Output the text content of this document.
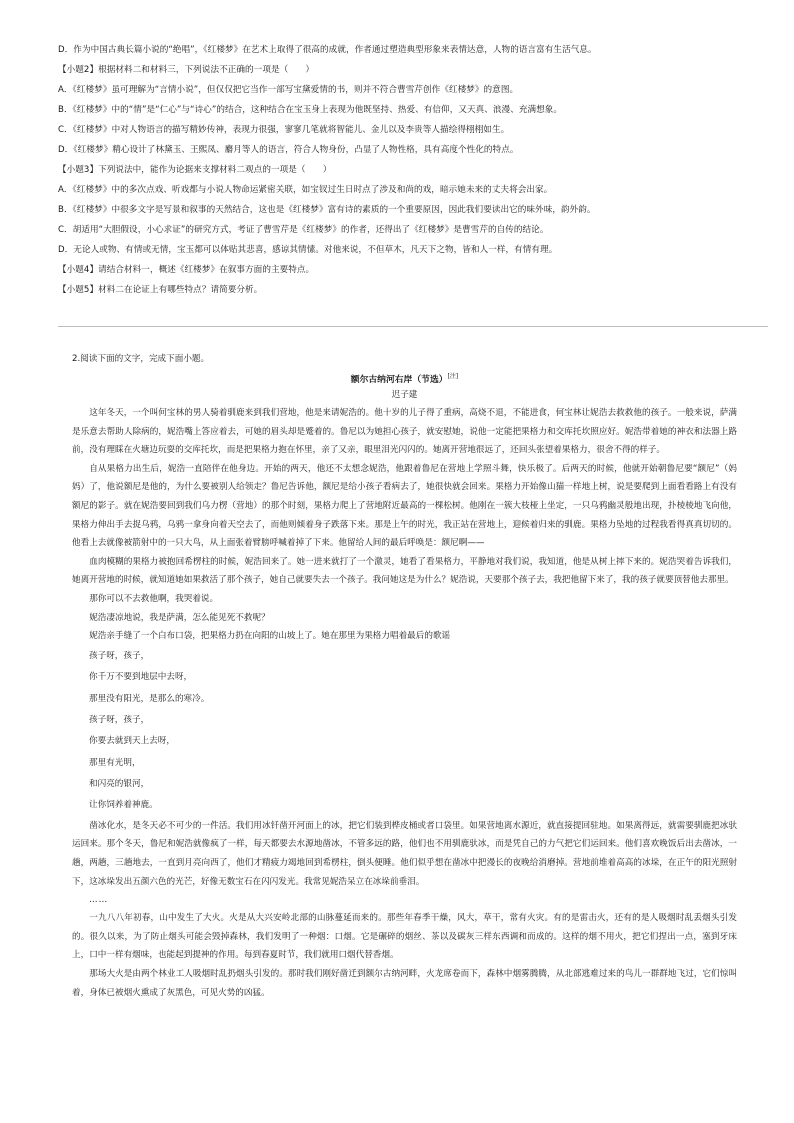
D．作为中国古典长篇小说的“绝唱”，《红楼梦》在艺术上取得了很高的成就，作者通过塑造典型形象来表情达意，人物的语言富有生活气息。
【小题2】根据材料二和材料三，下列说法不正确的一项是（　　）
A．《红楼梦》虽可理解为“言情小说”，但仅仅把它当作一部写宝黛爱情的书，则并不符合曹雪芹创作《红楼梦》的意图。
B．《红楼梦》中的“情”是“仁心”与“诗心”的结合，这种结合在宝玉身上表现为他既坚持、热爱、有信仰，又天真、浪漫、充满想象。
C．《红楼梦》中对人物语言的描写精妙传神，表现力很强，寥寥几笔就将智能儿、金儿以及李贵等人描绘得栩栩如生。
D．《红楼梦》精心设计了林黛玉、王熙凤、麝月等人的语言，符合人物身份，凸显了人物性格，具有高度个性化的特点。
【小题3】下列说法中，能作为论据来支撑材料二观点的一项是（　　）
A．《红楼梦》中的多次点戏、听戏都与小说人物命运紧密关联，如宝钗过生日时点了涉及和尚的戏，暗示她未来的丈夫将会出家。
B．《红楼梦》中很多文字是写景和叙事的天然结合，这也是《红楼梦》富有诗的素质的一个重要原因，因此我们要读出它的味外味，韵外韵。
C．胡适用“大胆假设，小心求证”的研究方式，考证了曹雪芹是《红楼梦》的作者，还得出了《红楼梦》是曹雪芹的自传的结论。
D．无论人或物、有情或无情，宝玉都可以体贴其悲喜，感谅其情愫。对他来说，不但草木，凡天下之物，皆和人一样，有情有理。
【小题4】请结合材料一，概述《红楼梦》在叙事方面的主要特点。
【小题5】材料二在论证上有哪些特点？请简要分析。
2.阅读下面的文字，完成下面小题。
额尔古纳河右岸（节选）[注]
迟子建

这年冬天，一个叫何宝林的男人骑着驯鹿来到我们营地，他是来请妮浩的。他十岁的儿子得了重病，高烧不退，不能进食，何宝林让妮浩去救救他的孩子。一般来说，萨满是乐意去帮助人除病的，妮浩嘴上答应着去，可她的眉头却是蹙着的。鲁尼以为她担心孩子，就安慰她，说他一定能把果格力和交库托坎照应好。妮浩带着她的神衣和法器上路前，没有理睬在火塘边玩耍的交库托坎，而是把果格力抱在怀里，亲了又亲，眼里泪光闪闪的。她离开营地很远了，还回头张望着果格力，很舍不得的样子。

自从果格力出生后，妮浩一直陪伴在他身边。开始的两天，他还不太想念妮浩，他跟着鲁尼在营地上学照斗舞，快乐极了。后两天的时候，他就开始朝鲁尼要“额尼”（妈妈）了，他说额尼是他的，为什么要被别人给领走？鲁尼告诉他，额尼是给小孩子看病去了，她很快就会回来。果格力开始像山猫一样地上树，说是要爬到上面看看路上有没有额尼的影子。就在妮浩要回到我们乌力楞（营地）的那个时刻，果格力爬上了营地附近最高的一棵松树。他刚在一簇大枝桠上坐定，一只乌鸦幽灵般地出现，扑棱棱地飞向他，果格力伸出手去捉乌鸦，乌鸦一拿身向着天空去了，而他则倾着身子跌落下来。那是上午的时光，我正站在营地上，迎候着归来的驯鹿。果格力坠地的过程我看得真真切切的。他看上去就像被箭射中的一只大鸟，从上面张着臂膀呼喊着掉了下来。他留给人间的最后呼唤是：额尼啊——

血肉模糊的果格力被抱回希楞柱的时候，妮浩回来了。她一进来就打了一个激灵，她看了看果格力，平静地对我们说，我知道，他是从树上摔下来的。妮浩哭着告诉我们，她离开营地的时候，就知道她如果救活了那个孩子，她自己就要失去一个孩子。我问她这是为什么？妮浩说，天要那个孩子去，我把他留下来了，我的孩子就要顶替他去那里。

那你可以不去救他啊，我哭着说。

妮浩凄凉地说，我是萨满，怎么能见死不救呢？

妮浩亲手缝了一个白布口袋，把果格力扔在向阳的山坡上了。她在那里为果格力唱着最后的歌谣

孩子呀，孩子，
你千万不要到地层中去呀，
那里没有阳光，是那么的寒冷。
孩子呀，孩子，
你要去就到天上去呀，
那里有光明，
和闪亮的银河，
让你饲养着神鹿。

凿冰化水，是冬天必不可少的一件活。我们用冰钎凿开河面上的冰，把它们装到桦皮桶或者口袋里。如果营地离水源近，就直接提回驻地。如果离得远，就需要驯鹿把冰驮运回来。那个冬天，鲁尼和妮浩就像疯了一样，每天都要去水源地凿冰，不管多远的路，他们也不用驯鹿驮冰，而是凭自己的力气把它们运回来。他们喜欢晚饭后出去凿冰，一趟，两趟，三趟地去，一直到月亮向西了，他们才精疲力竭地回到希楞柱，倒头便睡。他们似乎想在凿冰中把漫长的夜晚给消磨掉。营地前堆着高高的冰垛，在正午的阳光照射下，这冰垛发出五颜六色的光芒，好像无数宝石在闪闪发光。我常见妮浩呆立在冰垛前垂泪。

……

一九八八年初春，山中发生了大火。火是从大兴安岭北部的山脉蔓延而来的。那些年春季干燥，风大，草干，常有火灾。有的是雷击火，还有的是人吸烟时乱丢烟头引发的。很久以来，为了防止烟头可能会毁掉森林，我们发明了一种烟：口烟。它是碾碎的烟丝、茶以及碳灰三样东西调和而成的。这样的烟不用火，把它们捏出一点，塞到牙床上，口中一样有烟味，也能起到提神的作用。每到春夏时节，我们就用口烟代替香烟。

那场大火是由两个林业工人吸烟时乱扔烟头引发的。那时我们刚好凿迁到额尔古纳河畔，火龙席卷而下，森林中烟雾腾腾，从北部逃难过来的鸟儿一群群地飞过，它们惊叫着，身体已被烟火熏成了灰黑色，可见火势的凶猛。
